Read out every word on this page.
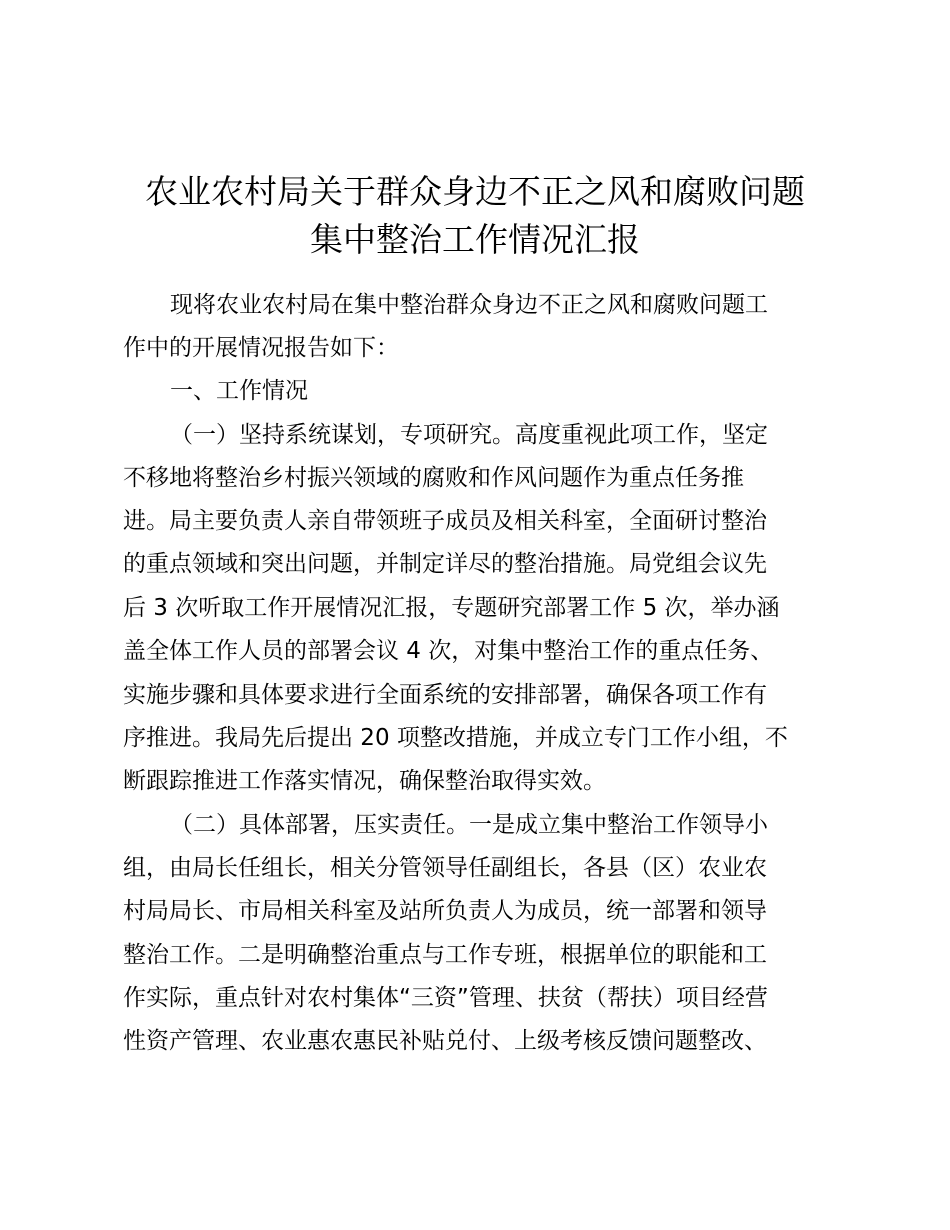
农业农村局关于群众身边不正之风和腐败问题
集中整治工作情况汇报

现将农业农村局在集中整治群众身边不正之风和腐败问题工

作中的开展情况报告如下：

一、工作情况

（一）坚持系统谋划，专项研究。高度重视此项工作，坚定

不移地将整治乡村振兴领域的腐败和作风问题作为重点任务推

进。局主要负责人亲自带领班子成员及相关科室，全面研讨整治

的重点领域和突出问题，并制定详尽的整治措施。局党组会议先

后 3 次听取工作开展情况汇报，专题研究部署工作 5 次，举办涵

盖全体工作人员的部署会议 4 次，对集中整治工作的重点任务、

实施步骤和具体要求进行全面系统的安排部署，确保各项工作有

序推进。我局先后提出 20 项整改措施，并成立专门工作小组，不

断跟踪推进工作落实情况，确保整治取得实效。

（二）具体部署，压实责任。一是成立集中整治工作领导小

组，由局长任组长，相关分管领导任副组长，各县（区）农业农

村局局长、市局相关科室及站所负责人为成员，统一部署和领导

整治工作。二是明确整治重点与工作专班，根据单位的职能和工

作实际，重点针对农村集体“三资”管理、扶贫（帮扶）项目经营

性资产管理、农业惠农惠民补贴兑付、上级考核反馈问题整改、
